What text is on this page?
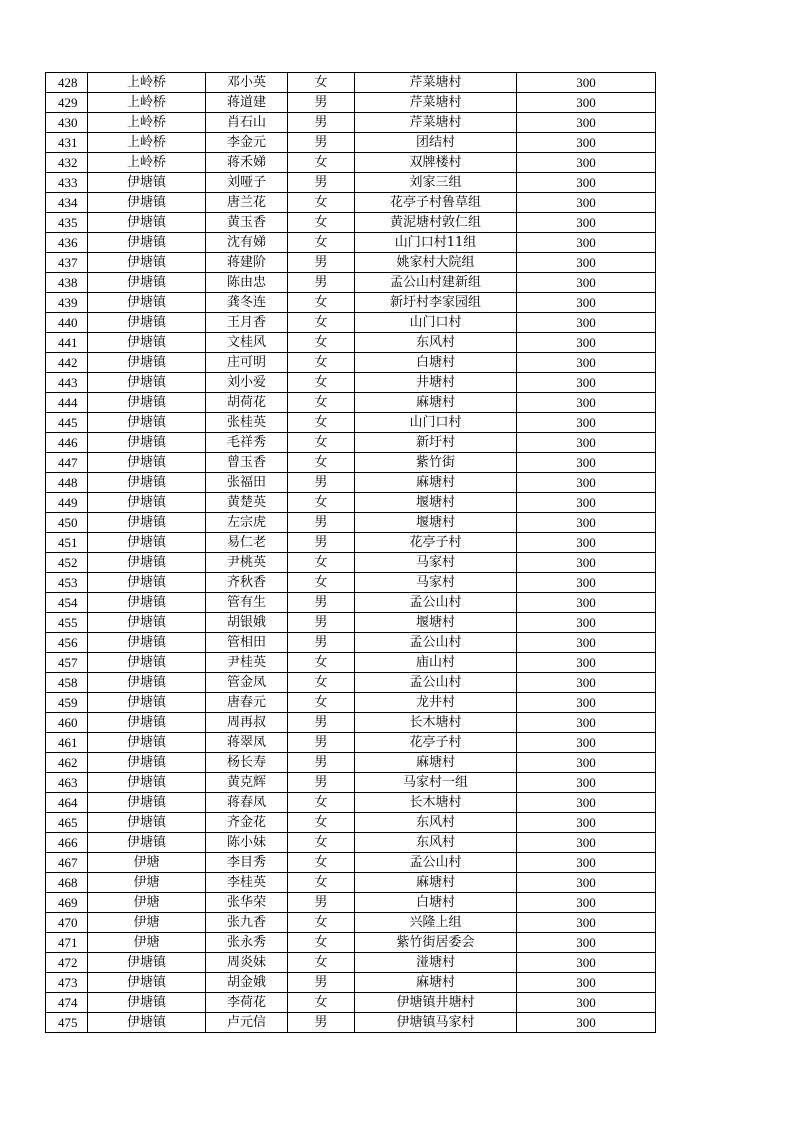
428	上岭桥	邓小英	女	芹菜塘村	300
429	上岭桥	蒋道建	男	芹菜塘村	300
430	上岭桥	肖石山	男	芹菜塘村	300
431	上岭桥	李金元	男	团结村	300
432	上岭桥	蒋禾娣	女	双牌楼村	300
433	伊塘镇	刘哑子	男	刘家三组	300
434	伊塘镇	唐兰花	女	花亭子村鲁草组	300
435	伊塘镇	黄玉香	女	黄泥塘村敦仁组	300
436	伊塘镇	沈有娣	女	山门口村11组	300
437	伊塘镇	蒋建阶	男	姚家村大院组	300
438	伊塘镇	陈由忠	男	孟公山村建新组	300
439	伊塘镇	龚冬连	女	新圩村李家园组	300
440	伊塘镇	王月香	女	山门口村	300
441	伊塘镇	文桂风	女	东风村	300
442	伊塘镇	庄可明	女	白塘村	300
443	伊塘镇	刘小爱	女	井塘村	300
444	伊塘镇	胡荷花	女	麻塘村	300
445	伊塘镇	张桂英	女	山门口村	300
446	伊塘镇	毛祥秀	女	新圩村	300
447	伊塘镇	曾玉香	女	紫竹街	300
448	伊塘镇	张福田	男	麻塘村	300
449	伊塘镇	黄楚英	女	堰塘村	300
450	伊塘镇	左宗虎	男	堰塘村	300
451	伊塘镇	易仁老	男	花亭子村	300
452	伊塘镇	尹桃英	女	马家村	300
453	伊塘镇	齐秋香	女	马家村	300
454	伊塘镇	管有生	男	孟公山村	300
455	伊塘镇	胡银娥	男	堰塘村	300
456	伊塘镇	管相田	男	孟公山村	300
457	伊塘镇	尹桂英	女	庙山村	300
458	伊塘镇	管金凤	女	孟公山村	300
459	伊塘镇	唐春元	女	龙井村	300
460	伊塘镇	周再叔	男	长木塘村	300
461	伊塘镇	蒋翠凤	男	花亭子村	300
462	伊塘镇	杨长寿	男	麻塘村	300
463	伊塘镇	黄克辉	男	马家村一组	300
464	伊塘镇	蒋春凤	女	长木塘村	300
465	伊塘镇	齐金花	女	东风村	300
466	伊塘镇	陈小妹	女	东风村	300
467	伊塘	李目秀	女	孟公山村	300
468	伊塘	李桂英	女	麻塘村	300
469	伊塘	张华荣	男	白塘村	300
470	伊塘	张九香	女	兴隆上组	300
471	伊塘	张永秀	女	紫竹街居委会	300
472	伊塘镇	周炎妹	女	湴塘村	300
473	伊塘镇	胡金娥	男	麻塘村	300
474	伊塘镇	李荷花	女	伊塘镇井塘村	300
475	伊塘镇	卢元信	男	伊塘镇马家村	300
